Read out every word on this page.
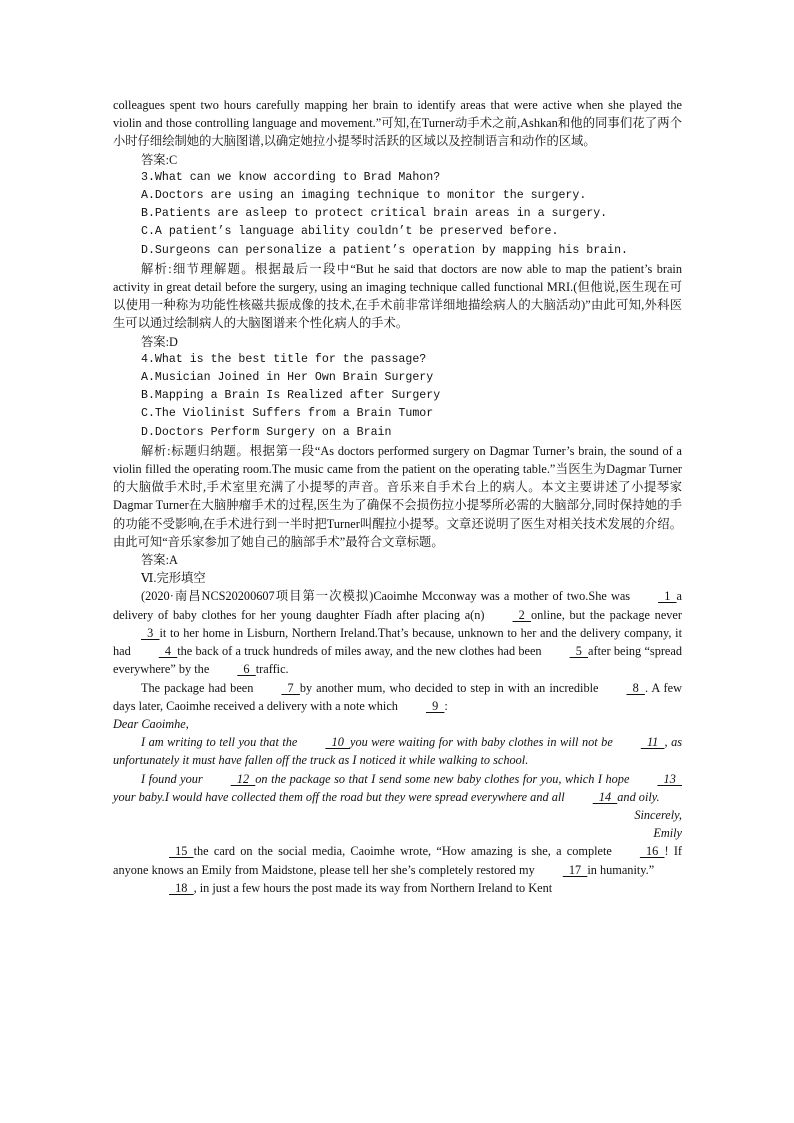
colleagues spent two hours carefully mapping her brain to identify areas that were active when she played the violin and those controlling language and movement.”可知,在Turner动手术之前,Ashkan和他的同事们花了两个小时仔细绘制她的大脑图谱,以确定她拉小提琴时活跃的区域以及控制语言和动作的区域。

答案:C

3.What can we know according to Brad Mahon?

A.Doctors are using an imaging technique to monitor the surgery.

B.Patients are asleep to protect critical brain areas in a surgery.

C.A patient’s language ability couldn’t be preserved before.

D.Surgeons can personalize a patient’s operation by mapping his brain.

解析:细节理解题。根据最后一段中“But he said that doctors are now able to map the patient’s brain activity in great detail before the surgery, using an imaging technique called functional MRI.(但他说,医生现在可以使用一种称为功能性核磁共振成像的技术,在手术前非常详细地描绘病人的大脑活动)”由此可知,外科医生可以通过绘制病人的大脑图谱来个性化病人的手术。

答案:D

4.What is the best title for the passage?

A.Musician Joined in Her Own Brain Surgery

B.Mapping a Brain Is Realized after Surgery

C.The Violinist Suffers from a Brain Tumor

D.Doctors Perform Surgery on a Brain

解析:标题归纳题。根据第一段“As doctors performed surgery on Dagmar Turner’s brain, the sound of a violin filled the operating room.The music came from the patient on the operating table.”当医生为Dagmar Turner的大脑做手术时,手术室里充满了小提琴的声音。音乐来自手术台上的病人。本文主要讲述了小提琴家Dagmar Turner在大脑肿瘤手术的过程,医生为了确保不会损伤拉小提琴所必需的大脑部分,同时保持她的手的功能不受影响,在手术进行到一半时把Turner叫醒拉小提琴。文章还说明了医生对相关技术发展的介绍。由此可知“音乐家参加了她自己的脑部手术”最符合文章标题。

答案:A

Ⅵ.完形填空

(2020·南昌NCS20200607项目第一次模拟)Caoimhe Mcconway was a mother of two.She was  1  a delivery of baby clothes for her young daughter Fíadh after placing a(n)  2  online, but the package never  3  it to her home in Lisburn, Northern Ireland.That’s because, unknown to her and the delivery company, it had  4  the back of a truck hundreds of miles away, and the new clothes had been  5  after being “spread everywhere” by the  6  traffic.

The package had been  7  by another mum, who decided to step in with an incredible  8  . A few days later, Caoimhe received a delivery with a note which  9  :

Dear Caoimhe,

I am writing to tell you that the  10  you were waiting for with baby clothes in will not be  11  , as unfortunately it must have fallen off the truck as I noticed it while walking to school.

I found your  12  on the package so that I send some new baby clothes for you, which I hope  13  your baby.I would have collected them off the road but they were spread everywhere and all  14  and oily.

Sincerely,

Emily

15  the card on the social media, Caoimhe wrote, “How amazing is she, a complete  16  ! If anyone knows an Emily from Maidstone, please tell her she’s completely restored my  17  in humanity.”

18  , in just a few hours the post made its way from Northern Ireland to Kent
